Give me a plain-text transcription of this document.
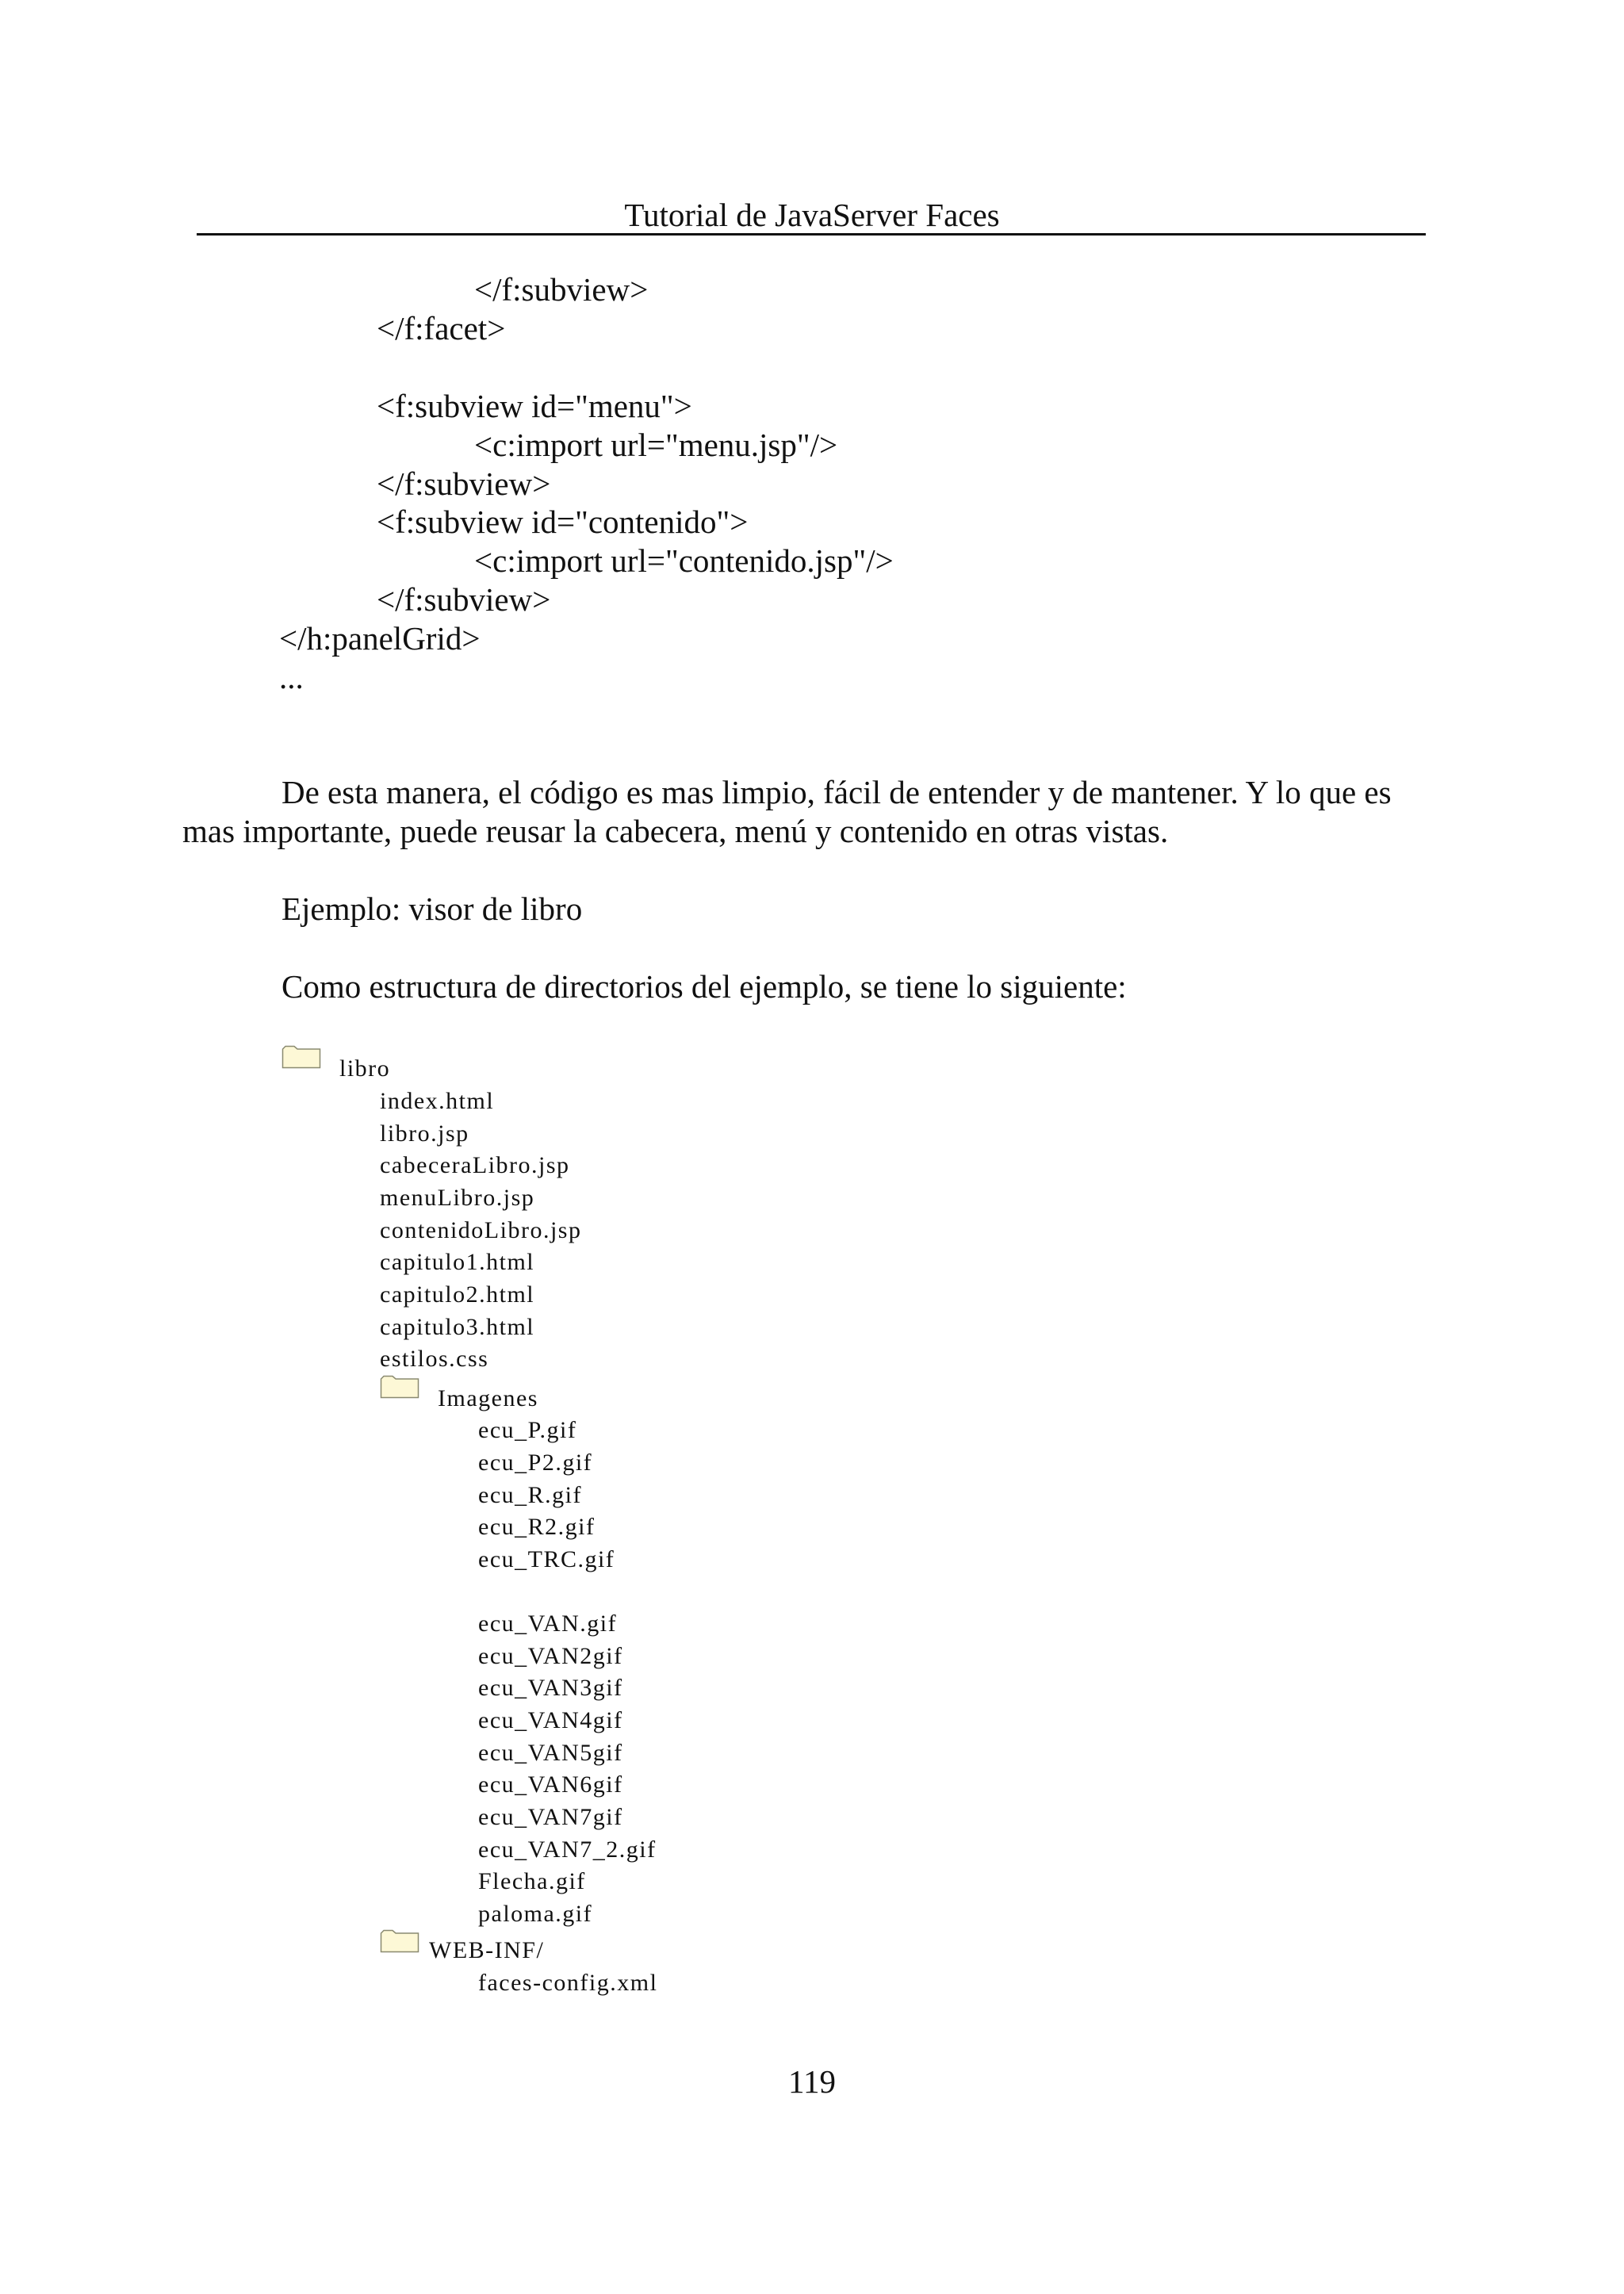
Tutorial de JavaServer Faces
</f:subview>
</f:facet>
<f:subview id="menu">
<c:import url="menu.jsp"/>
</f:subview>
<f:subview id="contenido">
<c:import url="contenido.jsp"/>
</f:subview>
</h:panelGrid>
...
De esta manera, el código es mas limpio, fácil de entender y de mantener. Y lo que es mas importante, puede reusar la cabecera, menú y contenido en otras vistas.
Ejemplo: visor de libro
Como estructura de directorios del ejemplo, se tiene lo siguiente:
libro
index.html
libro.jsp
cabeceraLibro.jsp
menuLibro.jsp
contenidoLibro.jsp
capitulo1.html
capitulo2.html
capitulo3.html
estilos.css
Imagenes
ecu_P.gif
ecu_P2.gif
ecu_R.gif
ecu_R2.gif
ecu_TRC.gif
ecu_VAN.gif
ecu_VAN2gif
ecu_VAN3gif
ecu_VAN4gif
ecu_VAN5gif
ecu_VAN6gif
ecu_VAN7gif
ecu_VAN7_2.gif
Flecha.gif
paloma.gif
WEB-INF/
faces-config.xml
119
